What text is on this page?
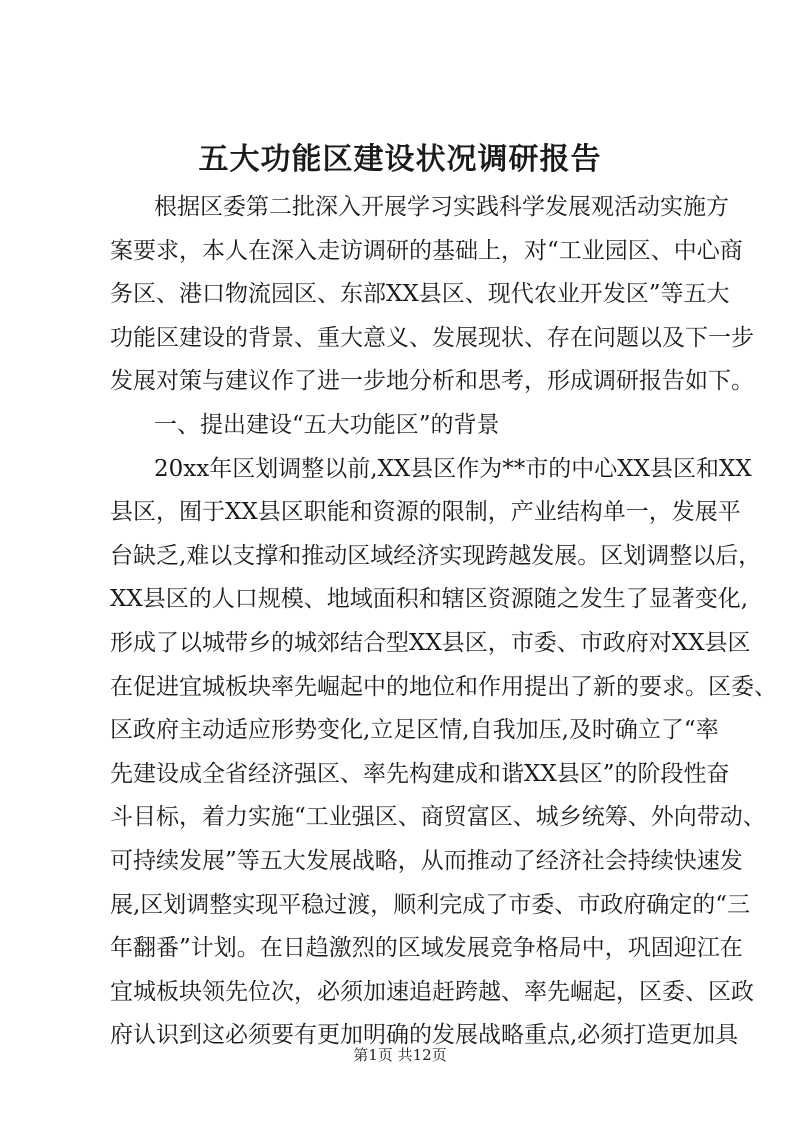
五大功能区建设状况调研报告
根据区委第二批深入开展学习实践科学发展观活动实施方
案要求，本人在深入走访调研的基础上，对“工业园区、中心商
务区、港口物流园区、东部XX县区、现代农业开发区”等五大
功能区建设的背景、重大意义、发展现状、存在问题以及下一步
发展对策与建议作了进一步地分析和思考，形成调研报告如下。
一、提出建设“五大功能区”的背景
20xx年区划调整以前,XX县区作为**市的中心XX县区和XX
县区，囿于XX县区职能和资源的限制，产业结构单一，发展平
台缺乏,难以支撑和推动区域经济实现跨越发展。区划调整以后，
XX县区的人口规模、地域面积和辖区资源随之发生了显著变化,
形成了以城带乡的城郊结合型XX县区，市委、市政府对XX县区
在促进宜城板块率先崛起中的地位和作用提出了新的要求。区委、
区政府主动适应形势变化,立足区情,自我加压,及时确立了“率
先建设成全省经济强区、率先构建成和谐XX县区”的阶段性奋
斗目标，着力实施“工业强区、商贸富区、城乡统筹、外向带动、
可持续发展”等五大发展战略，从而推动了经济社会持续快速发
展,区划调整实现平稳过渡，顺利完成了市委、市政府确定的“三
年翻番”计划。在日趋激烈的区域发展竞争格局中，巩固迎江在
宜城板块领先位次，必须加速追赶跨越、率先崛起，区委、区政
府认识到这必须要有更加明确的发展战略重点,必须打造更加具
第1页 共12页
